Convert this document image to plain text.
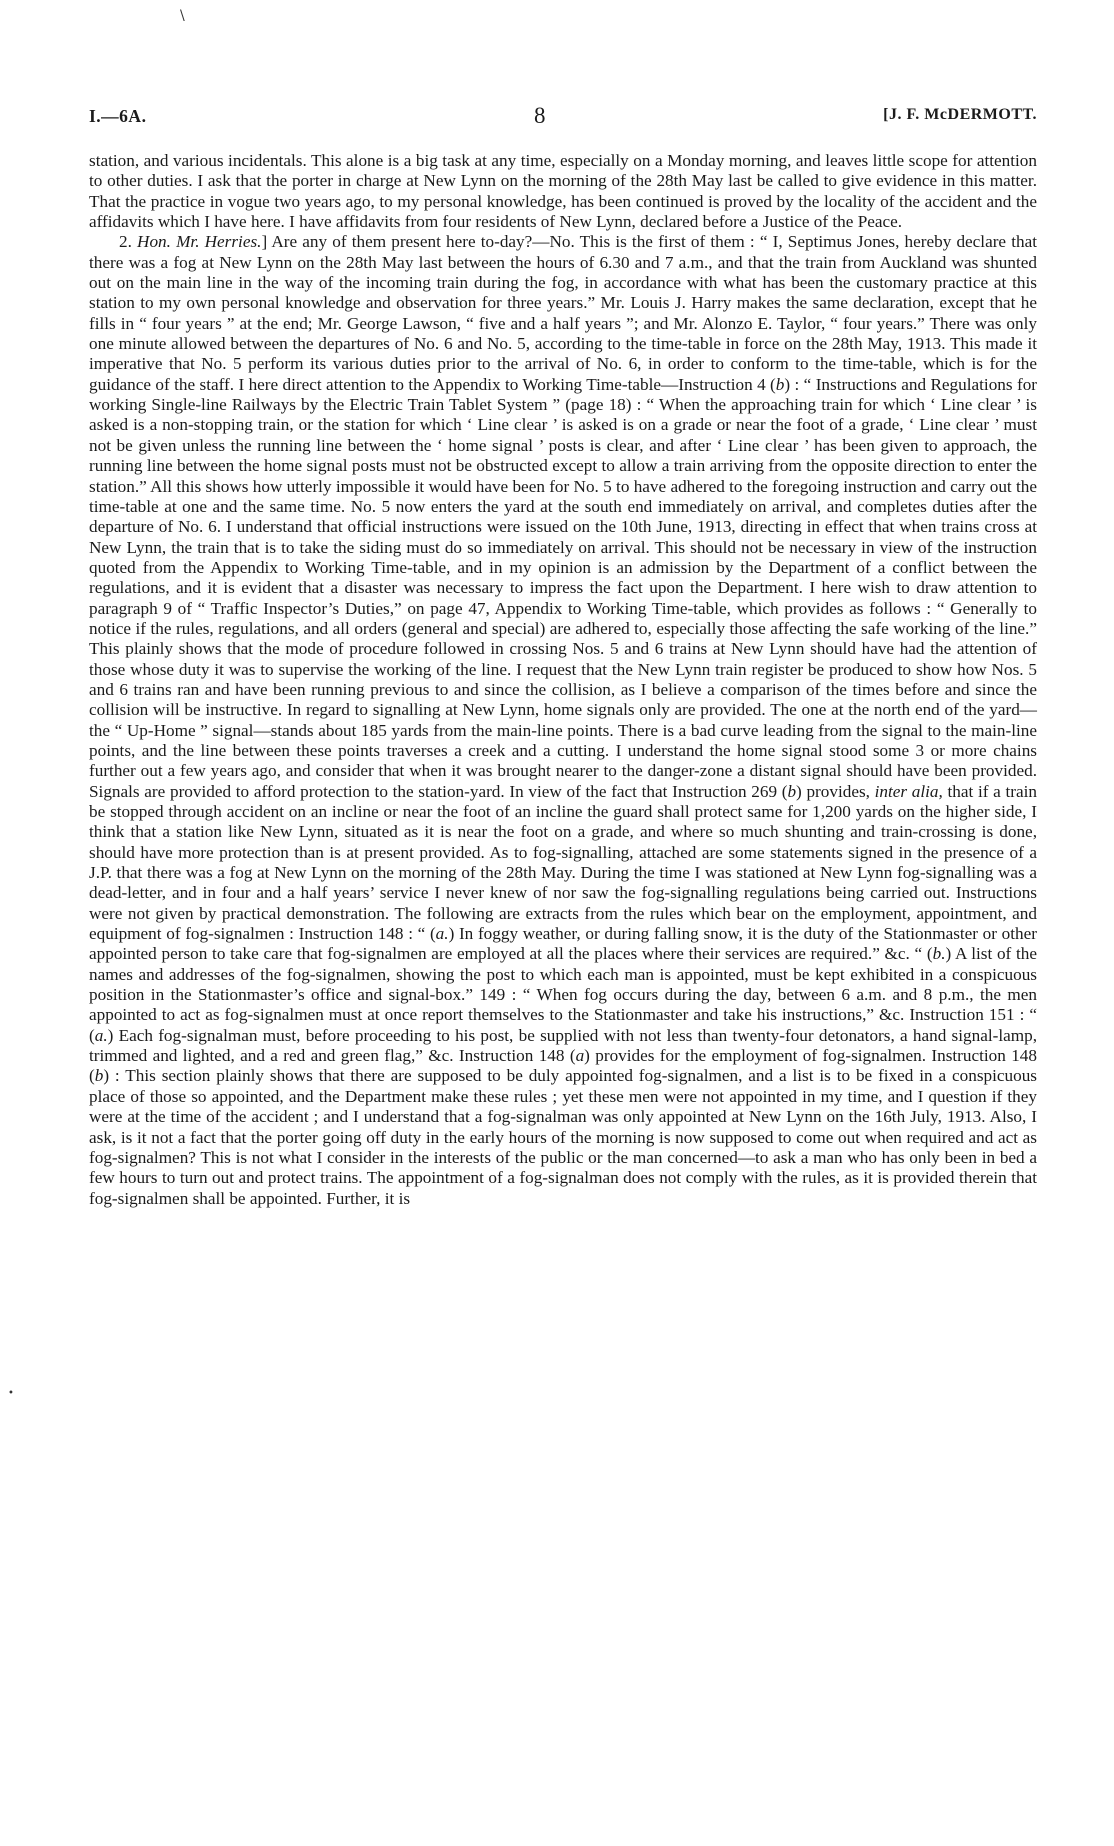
\
•
I.—6A.	8	[J. F. McDERMOTT.

station, and various incidentals. This alone is a big task at any time, especially on a Monday morning, and leaves little scope for attention to other duties. I ask that the porter in charge at New Lynn on the morning of the 28th May last be called to give evidence in this matter. That the practice in vogue two years ago, to my personal knowledge, has been continued is proved by the locality of the accident and the affidavits which I have here. I have affidavits from four residents of New Lynn, declared before a Justice of the Peace.

2. Hon. Mr. Herries.] Are any of them present here to-day?—No. This is the first of them : “ I, Septimus Jones, hereby declare that there was a fog at New Lynn on the 28th May last between the hours of 6.30 and 7 a.m., and that the train from Auckland was shunted out on the main line in the way of the incoming train during the fog, in accordance with what has been the customary practice at this station to my own personal knowledge and observation for three years.” Mr. Louis J. Harry makes the same declaration, except that he fills in “ four years ” at the end; Mr. George Lawson, “ five and a half years ”; and Mr. Alonzo E. Taylor, “ four years.” There was only one minute allowed between the departures of No. 6 and No. 5, according to the time-table in force on the 28th May, 1913. This made it imperative that No. 5 perform its various duties prior to the arrival of No. 6, in order to conform to the time-table, which is for the guidance of the staff. I here direct attention to the Appendix to Working Time-table—Instruction 4 (b) : “ Instructions and Regulations for working Single-line Railways by the Electric Train Tablet System ” (page 18) : “ When the approaching train for which ‘ Line clear ’ is asked is a non-stopping train, or the station for which ‘ Line clear ’ is asked is on a grade or near the foot of a grade, ‘ Line clear ’ must not be given unless the running line between the ‘ home signal ’ posts is clear, and after ‘ Line clear ’ has been given to approach, the running line between the home signal posts must not be obstructed except to allow a train arriving from the opposite direction to enter the station.” All this shows how utterly impossible it would have been for No. 5 to have adhered to the foregoing instruction and carry out the time-table at one and the same time. No. 5 now enters the yard at the south end immediately on arrival, and completes duties after the departure of No. 6. I understand that official instructions were issued on the 10th June, 1913, directing in effect that when trains cross at New Lynn, the train that is to take the siding must do so immediately on arrival. This should not be necessary in view of the instruction quoted from the Appendix to Working Time-table, and in my opinion is an admission by the Department of a conflict between the regulations, and it is evident that a disaster was necessary to impress the fact upon the Department. I here wish to draw attention to paragraph 9 of “ Traffic Inspector’s Duties,” on page 47, Appendix to Working Time-table, which provides as follows : “ Generally to notice if the rules, regulations, and all orders (general and special) are adhered to, especially those affecting the safe working of the line.” This plainly shows that the mode of procedure followed in crossing Nos. 5 and 6 trains at New Lynn should have had the attention of those whose duty it was to supervise the working of the line. I request that the New Lynn train register be produced to show how Nos. 5 and 6 trains ran and have been running previous to and since the collision, as I believe a comparison of the times before and since the collision will be instructive. In regard to signalling at New Lynn, home signals only are provided. The one at the north end of the yard—the “ Up-Home ” signal—stands about 185 yards from the main-line points. There is a bad curve leading from the signal to the main-line points, and the line between these points traverses a creek and a cutting. I understand the home signal stood some 3 or more chains further out a few years ago, and consider that when it was brought nearer to the danger-zone a distant signal should have been provided. Signals are provided to afford protection to the station-yard. In view of the fact that Instruction 269 (b) provides, inter alia, that if a train be stopped through accident on an incline or near the foot of an incline the guard shall protect same for 1,200 yards on the higher side, I think that a station like New Lynn, situated as it is near the foot on a grade, and where so much shunting and train-crossing is done, should have more protection than is at present provided. As to fog-signalling, attached are some statements signed in the presence of a J.P. that there was a fog at New Lynn on the morning of the 28th May. During the time I was stationed at New Lynn fog-signalling was a dead-letter, and in four and a half years’ service I never knew of nor saw the fog-signalling regulations being carried out. Instructions were not given by practical demonstration. The following are extracts from the rules which bear on the employment, appointment, and equipment of fog-signalmen : Instruction 148 : “ (a.) In foggy weather, or during falling snow, it is the duty of the Stationmaster or other appointed person to take care that fog-signalmen are employed at all the places where their services are required.” &c. “ (b.) A list of the names and addresses of the fog-signalmen, showing the post to which each man is appointed, must be kept exhibited in a conspicuous position in the Stationmaster’s office and signal-box.” 149 : “ When fog occurs during the day, between 6 a.m. and 8 p.m., the men appointed to act as fog-signalmen must at once report themselves to the Stationmaster and take his instructions,” &c. Instruction 151 : “ (a.) Each fog-signalman must, before proceeding to his post, be supplied with not less than twenty-four detonators, a hand signal-lamp, trimmed and lighted, and a red and green flag,” &c. Instruction 148 (a) provides for the employment of fog-signalmen. Instruction 148 (b) : This section plainly shows that there are supposed to be duly appointed fog-signalmen, and a list is to be fixed in a conspicuous place of those so appointed, and the Department make these rules ; yet these men were not appointed in my time, and I question if they were at the time of the accident ; and I understand that a fog-signalman was only appointed at New Lynn on the 16th July, 1913. Also, I ask, is it not a fact that the porter going off duty in the early hours of the morning is now supposed to come out when required and act as fog-signalmen? This is not what I consider in the interests of the public or the man concerned—to ask a man who has only been in bed a few hours to turn out and protect trains. The appointment of a fog-signalman does not comply with the rules, as it is provided therein that fog-signalmen shall be appointed. Further, it is
